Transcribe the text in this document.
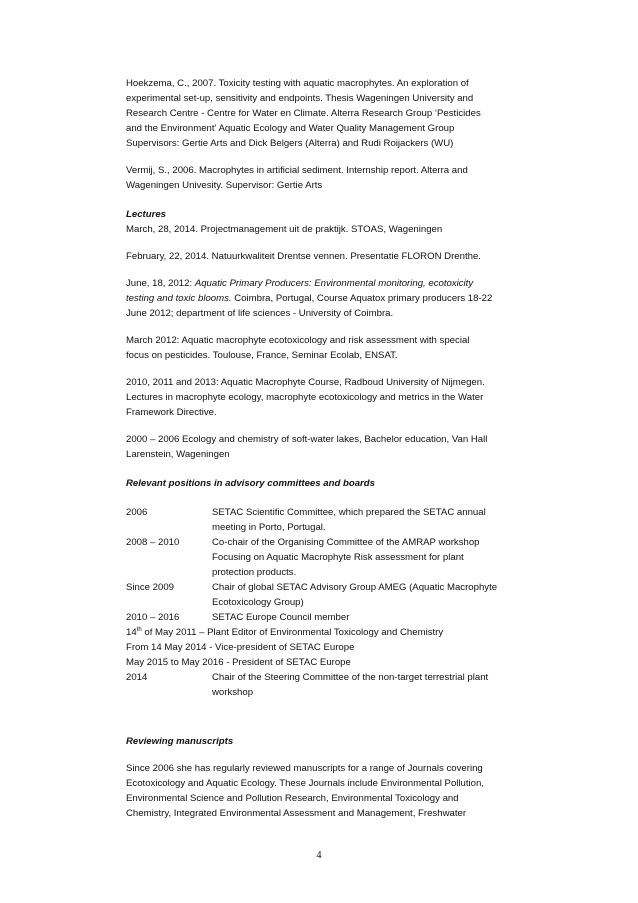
Hoekzema, C., 2007. Toxicity testing with aquatic macrophytes. An exploration of
experimental set-up, sensitivity and endpoints. Thesis Wageningen University and
Research Centre - Centre for Water en Climate. Alterra Research Group ‘Pesticides
and the Environment’ Aquatic Ecology and Water Quality Management Group
Supervisors: Gertie Arts and Dick Belgers (Alterra) and Rudi Roijackers (WU)

Vermij, S., 2006. Macrophytes in artificial sediment. Internship report. Alterra and
Wageningen Univesity. Supervisor: Gertie Arts

Lectures

March, 28, 2014. Projectmanagement uit de praktijk. STOAS, Wageningen

February, 22, 2014. Natuurkwaliteit Drentse vennen. Presentatie FLORON Drenthe.

June, 18, 2012: Aquatic Primary Producers: Environmental monitoring, ecotoxicity
testing and toxic blooms. Coimbra, Portugal, Course Aquatox primary producers 18-22
June 2012; department of life sciences - University of Coimbra.

March 2012: Aquatic macrophyte ecotoxicology and risk assessment with special
focus on pesticides. Toulouse, France, Seminar Ecolab, ENSAT.

2010, 2011 and 2013: Aquatic Macrophyte Course, Radboud University of Nijmegen.
Lectures in macrophyte ecology, macrophyte ecotoxicology and metrics in the Water
Framework Directive.

2000 – 2006 Ecology and chemistry of soft-water lakes, Bachelor education, Van Hall
Larenstein, Wageningen

Relevant positions in advisory committees and boards
2006	SETAC Scientific Committee, which prepared the SETAC annual
meeting in Porto, Portugal.
2008 – 2010	Co-chair of the Organising Committee of the AMRAP workshop
Focusing on Aquatic Macrophyte Risk assessment for plant
protection products.
Since 2009	Chair of global SETAC Advisory Group AMEG (Aquatic Macrophyte
Ecotoxicology Group)
2010 – 2016	SETAC Europe Council member
14th of May 2011 – Plant Editor of Environmental Toxicology and Chemistry
From 14 May 2014 - Vice-president of SETAC Europe
May 2015 to May 2016 - President of SETAC Europe
2014	Chair of the Steering Committee of the non-target terrestrial plant
workshop
Reviewing manuscripts

Since 2006 she has regularly reviewed manuscripts for a range of Journals covering
Ecotoxicology and Aquatic Ecology. These Journals include Environmental Pollution,
Environmental Science and Pollution Research, Environmental Toxicology and
Chemistry, Integrated Environmental Assessment and Management, Freshwater

4
